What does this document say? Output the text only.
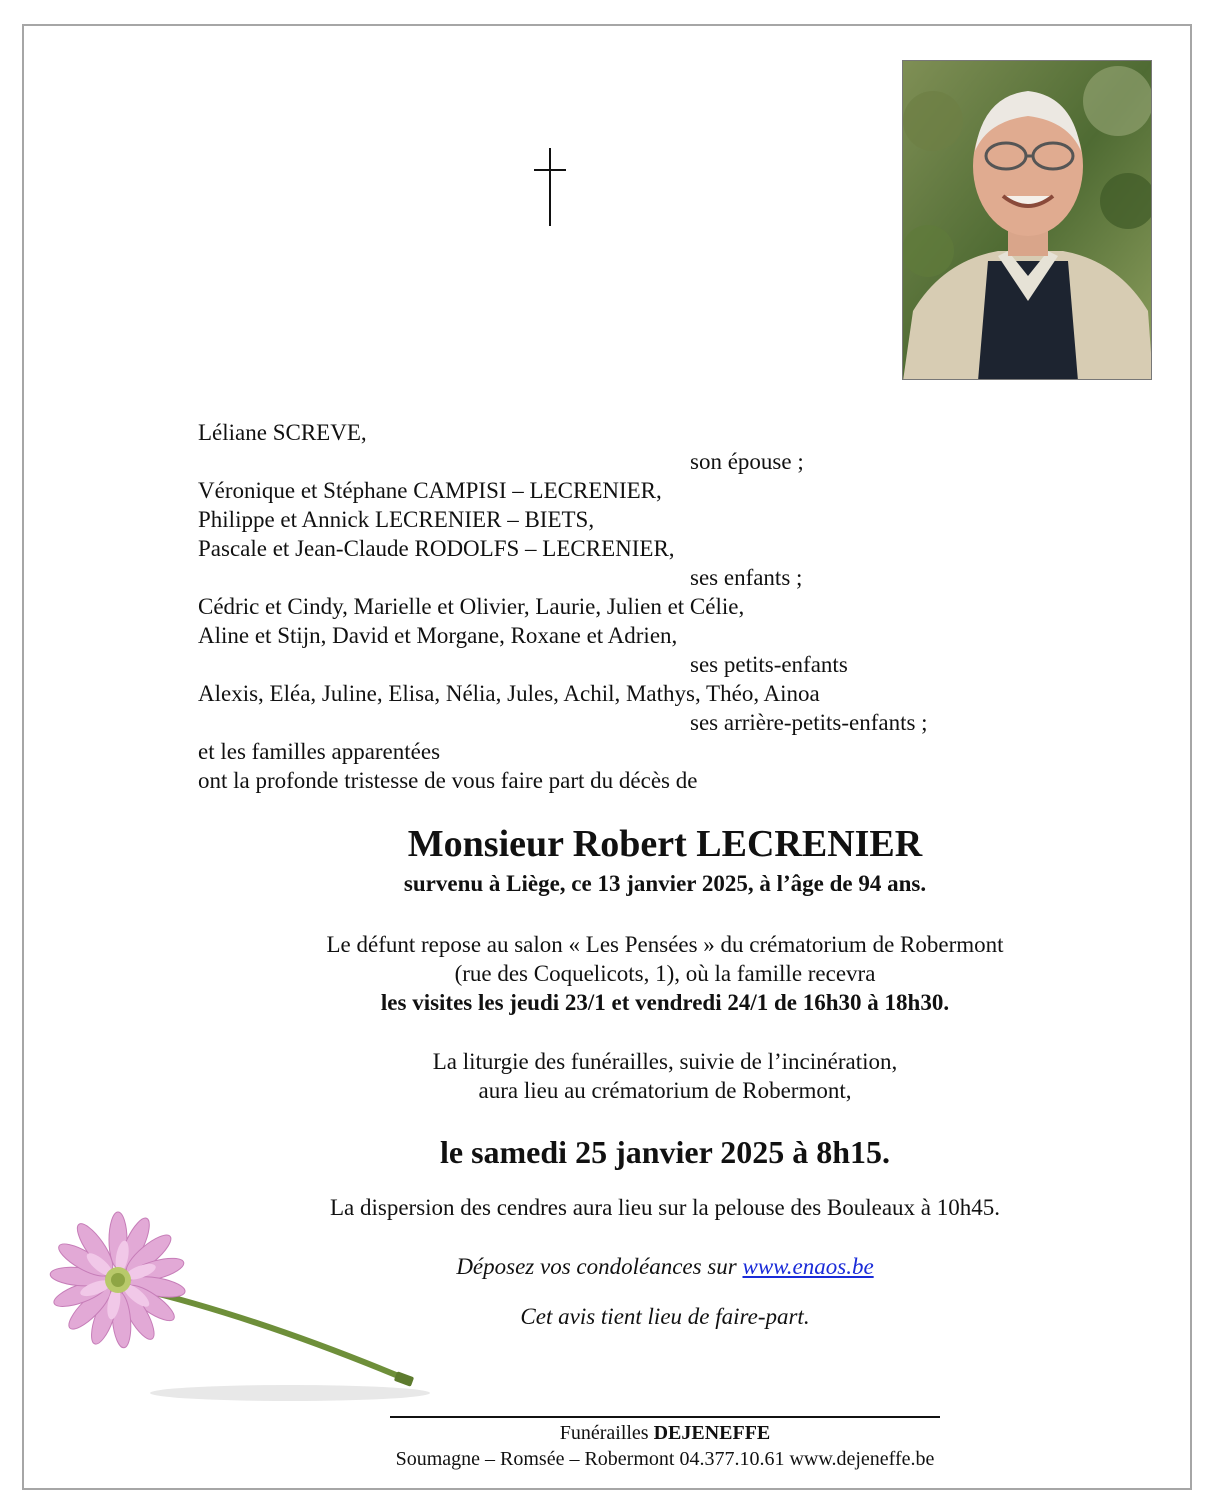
Léliane SCREVE,
son épouse ;
Véronique et Stéphane CAMPISI – LECRENIER,
Philippe et Annick LECRENIER – BIETS,
Pascale et Jean-Claude RODOLFS – LECRENIER,
ses enfants ;
Cédric et Cindy, Marielle et Olivier, Laurie, Julien et Célie,
Aline et Stijn, David et Morgane, Roxane et Adrien,
ses petits-enfants
Alexis, Eléa, Juline, Elisa, Nélia, Jules, Achil, Mathys, Théo, Ainoa
ses arrière-petits-enfants ;
et les familles apparentées
ont la profonde tristesse de vous faire part du décès de
Monsieur Robert LECRENIER
survenu à Liège, ce 13 janvier 2025, à l’âge de 94 ans.
Le défunt repose au salon « Les Pensées » du crématorium de Robermont
(rue des Coquelicots, 1), où la famille recevra
les visites les jeudi 23/1 et vendredi 24/1 de 16h30 à 18h30.
La liturgie des funérailles, suivie de l’incinération,
aura lieu au crématorium de Robermont,
le samedi 25 janvier 2025 à 8h15.
La dispersion des cendres aura lieu sur la pelouse des Bouleaux à 10h45.
Déposez vos condoléances sur www.enaos.be
Cet avis tient lieu de faire-part.
Funérailles DEJENEFFE
Soumagne – Romsée – Robermont 04.377.10.61 www.dejeneffe.be
